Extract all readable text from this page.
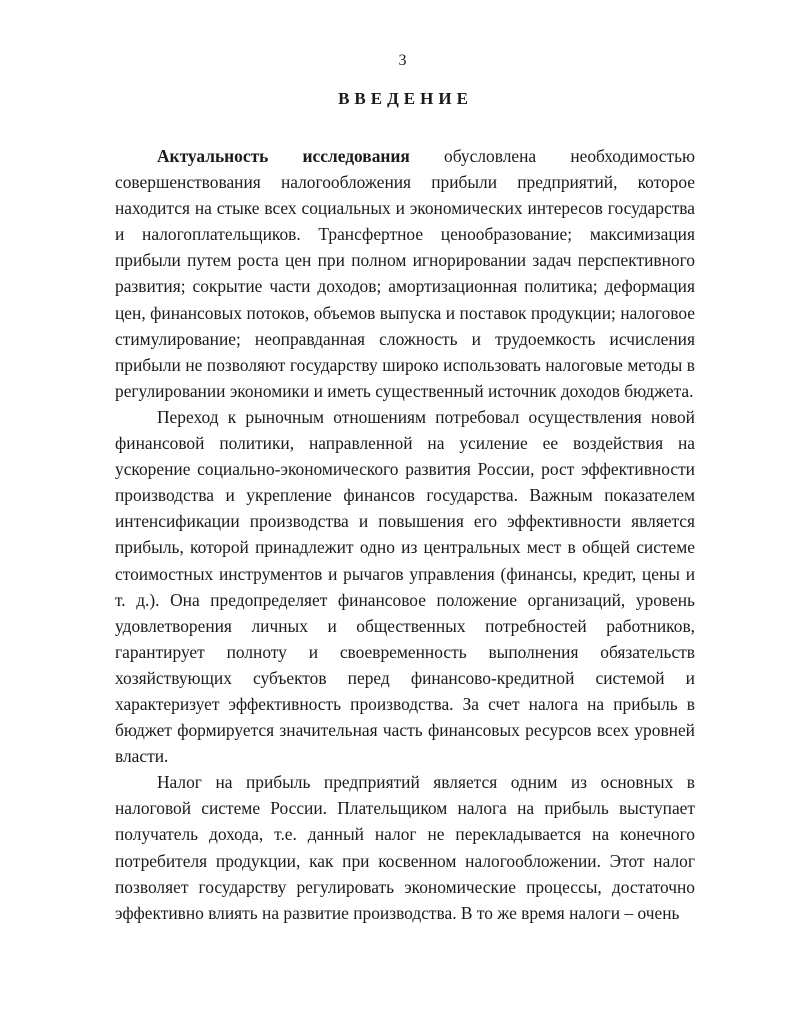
3
ВВЕДЕНИЕ

Актуальность исследования обусловлена необходимостью совершенствования налогообложения прибыли предприятий, которое находится на стыке всех социальных и экономических интересов государства и налогоплательщиков. Трансфертное ценообразование; максимизация прибыли путем роста цен при полном игнорировании задач перспективного развития; сокрытие части доходов; амортизационная политика; деформация цен, финансовых потоков, объемов выпуска и поставок продукции; налоговое стимулирование; неоправданная сложность и трудоемкость исчисления прибыли не позволяют государству широко использовать налоговые методы в регулировании экономики и иметь существенный источник доходов бюджета.

Переход к рыночным отношениям потребовал осуществления новой финансовой политики, направленной на усиление ее воздействия на ускорение социально-экономического развития России, рост эффективности производства и укрепление финансов государства. Важным показателем интенсификации производства и повышения его эффективности является прибыль, которой принадлежит одно из центральных мест в общей системе стоимостных инструментов и рычагов управления (финансы, кредит, цены и т. д.). Она предопределяет финансовое положение организаций, уровень удовлетворения личных и общественных потребностей работников, гарантирует полноту и своевременность выполнения обязательств хозяйствующих субъектов перед финансово-кредитной системой и характеризует эффективность производства. За счет налога на прибыль в бюджет формируется значительная часть финансовых ресурсов всех уровней власти.

Налог на прибыль предприятий является одним из основных в налоговой системе России. Плательщиком налога на прибыль выступает получатель дохода, т.е. данный налог не перекладывается на конечного потребителя продукции, как при косвенном налогообложении. Этот налог позволяет государству регулировать экономические процессы, достаточно эффективно влиять на развитие производства. В то же время налоги – очень
